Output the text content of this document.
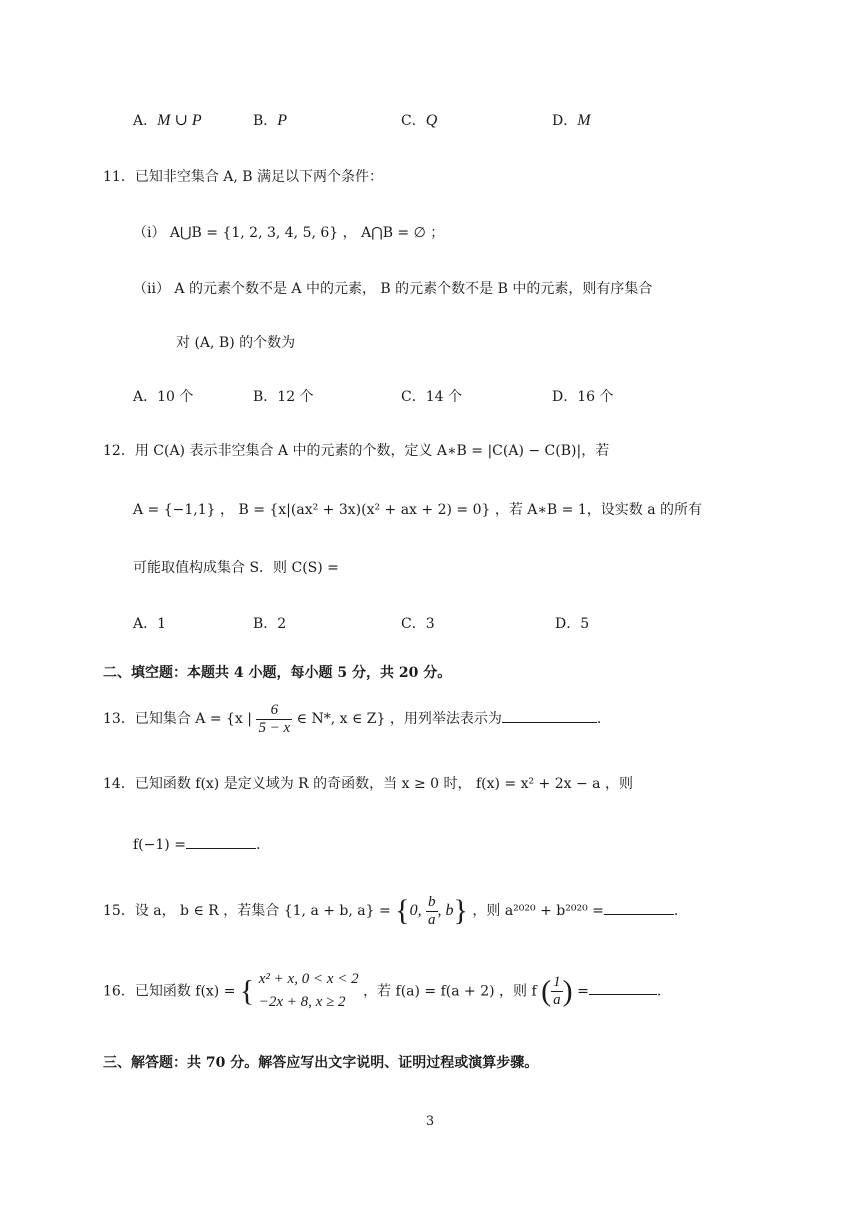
A．M ∪ P	B．P	C．Q	D．M
11．已知非空集合 A, B 满足以下两个条件：
（i） A⋃B = {1, 2, 3, 4, 5, 6} ， A⋂B = ∅ ；
（ii） A 的元素个数不是 A 中的元素， B 的元素个数不是 B 中的元素，则有序集合
对 (A, B) 的个数为
A．10 个	B．12 个	C．14 个	D．16 个
12．用 C(A) 表示非空集合 A 中的元素的个数，定义 A∗B = |C(A) − C(B)|，若
A = {−1,1} ， B = {x|(ax² + 3x)(x² + ax + 2) = 0} ，若 A∗B = 1，设实数 a 的所有
可能取值构成集合 S．则 C(S) =
A．1	B．2	C．3	D．5
二、填空题：本题共 4 小题，每小题 5 分，共 20 分。
13．已知集合 A = {x | $\frac{6}{5 - x}$ ∈ N*, x ∈ Z} ，用列举法表示为	.
14．已知函数 f(x) 是定义域为 R 的奇函数，当 x ≥ 0 时， f(x) = x² + 2x − a ，则
f(−1) =	.
15．设 a， b ∈ R ，若集合 {1, a + b, a} = {0, $\frac{b}{a}$ , b} ，则 a²⁰²⁰ + b²⁰²⁰ =	.
16．已知函数 f(x) = { x² + x, 0 < x < 2
−2x + 8, x ≥ 2
，若 f(a) = f(a + 2) ，则 f ( $\frac{1}{a}$ ) =	.
三、解答题：共 70 分。解答应写出文字说明、证明过程或演算步骤。
3
